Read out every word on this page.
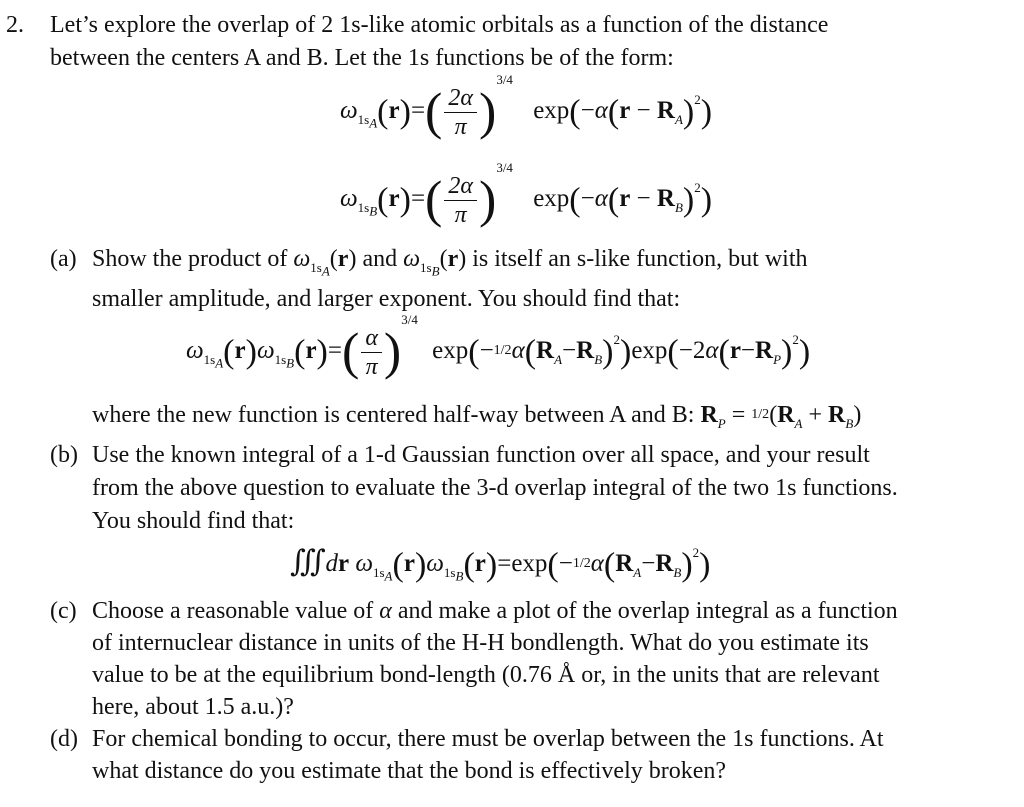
2. Let’s explore the overlap of 2 1s-like atomic orbitals as a function of the distance
between the centers A and B. Let the 1s functions be of the form:
$\omega_{1s_A}(r)=( \frac{2\alpha}{\pi} )^{3/4}$ $\exp(-\alpha(r - R_A)^2)$
$\omega_{1s_B}(r)=( \frac{2\alpha}{\pi} )^{3/4}$ $\exp(-\alpha(r - R_B)^2)$
(a) Show the product of $\omega_{1s_A}(r)$ and $\omega_{1s_B}(r)$ is itself an s-like function, but with
smaller amplitude, and larger exponent. You should find that:
$\omega_{1s_A}(r)\omega_{1s_B}(r)=( \frac{\alpha}{\pi} )^{3/4}$ $\exp(-1/2\alpha(R_A-R_B)^2)\exp(-2\alpha(r-R_P)^2)$
where the new function is centered half-way between A and B: $R_P = 1/2(R_A + R_B)$
(b) Use the known integral of a 1-d Gaussian function over all space, and your result
from the above question to evaluate the 3-d overlap integral of the two 1s functions.
You should find that:
∭dr $\omega_{1s_A}(r)\omega_{1s_B}(r)=\exp(-1/2\alpha(R_A-R_B)^2)$
(c) Choose a reasonable value of α and make a plot of the overlap integral as a function
of internuclear distance in units of the H-H bondlength. What do you estimate its
value to be at the equilibrium bond-length (0.76 Å or, in the units that are relevant
here, about 1.5 a.u.)?
(d) For chemical bonding to occur, there must be overlap between the 1s functions. At
what distance do you estimate that the bond is effectively broken?
